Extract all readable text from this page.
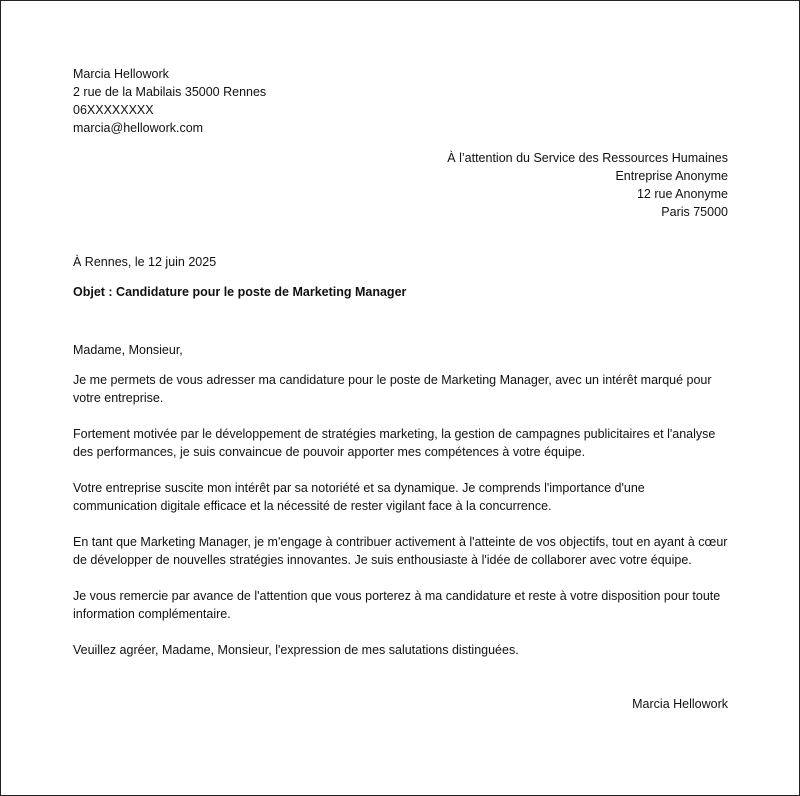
Marcia Hellowork
2 rue de la Mabilais 35000 Rennes
06XXXXXXXX
marcia@hellowork.com
À l’attention du Service des Ressources Humaines
Entreprise Anonyme
12 rue Anonyme
Paris 75000
À Rennes, le 12 juin 2025
Objet : Candidature pour le poste de Marketing Manager
Madame, Monsieur,
Je me permets de vous adresser ma candidature pour le poste de Marketing Manager, avec un intérêt marqué pour votre entreprise.
Fortement motivée par le développement de stratégies marketing, la gestion de campagnes publicitaires et l'analyse des performances, je suis convaincue de pouvoir apporter mes compétences à votre équipe.
Votre entreprise suscite mon intérêt par sa notoriété et sa dynamique. Je comprends l'importance d'une communication digitale efficace et la nécessité de rester vigilant face à la concurrence.
En tant que Marketing Manager, je m'engage à contribuer activement à l'atteinte de vos objectifs, tout en ayant à cœur de développer de nouvelles stratégies innovantes. Je suis enthousiaste à l'idée de collaborer avec votre équipe.
Je vous remercie par avance de l'attention que vous porterez à ma candidature et reste à votre disposition pour toute information complémentaire.
Veuillez agréer, Madame, Monsieur, l'expression de mes salutations distinguées.
Marcia Hellowork
